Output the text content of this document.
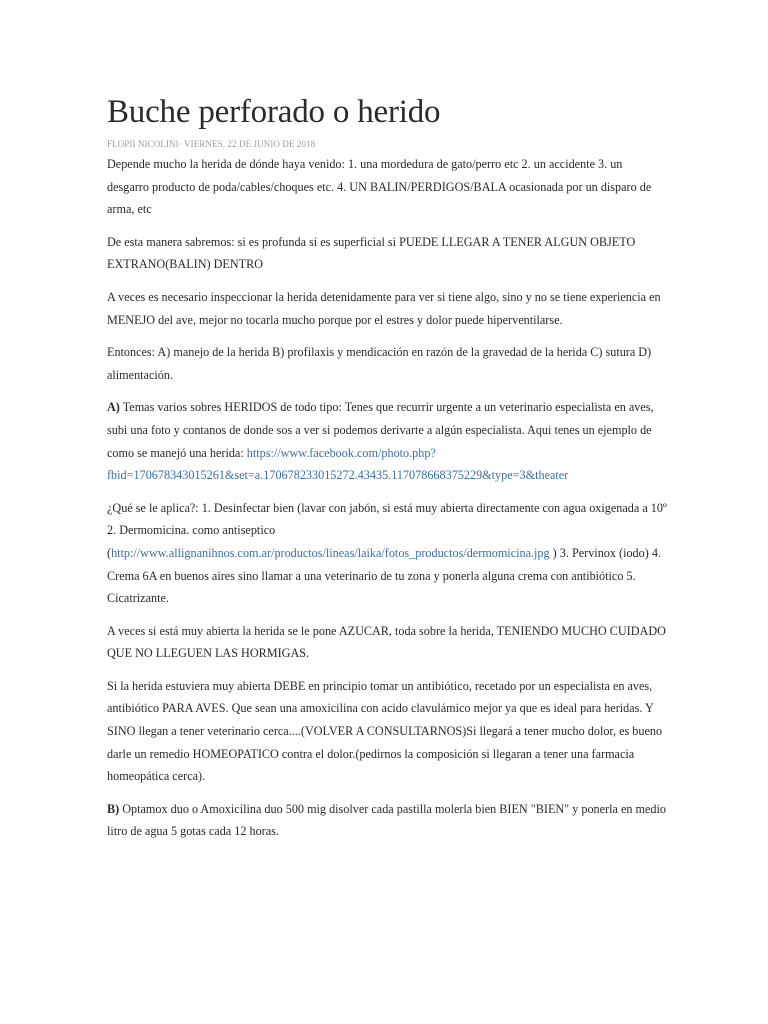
Buche perforado o herido
FLOPII NICOLINI· VIERNES, 22 DE JUNIO DE 2018

Depende mucho la herida de dónde haya venido: 1. una mordedura de gato/perro etc 2. un accidente 3. un desgarro producto de poda/cables/choques etc. 4. UN BALIN/PERDIGOS/BALA ocasionada por un disparo de arma, etc

De esta manera sabremos: si es profunda si es superficial si PUEDE LLEGAR A TENER ALGUN OBJETO EXTRANO(BALIN) DENTRO

A veces es necesario inspeccionar la herida detenidamente para ver si tiene algo, sino y no se tiene experiencia en MENEJO del ave, mejor no tocarla mucho porque por el estres y dolor puede hiperventilarse.

Entonces: A) manejo de la herida B) profilaxis y mendicación en razón de la gravedad de la herida C) sutura D) alimentación.

A) Temas varios sobres HERIDOS de todo tipo: Tenes que recurrir urgente a un veterinario especialista en aves, subi una foto y contanos de donde sos a ver si podemos derivarte a algún especialista. Aqui tenes un ejemplo de como se manejó una herida: https://www.facebook.com/photo.php?fbid=170678343015261&set=a.170678233015272.43435.117078668375229&type=3&theater

¿Qué se le aplica?: 1. Desinfectar bien (lavar con jabón, si está muy abierta directamente con agua oxigenada a 10º 2. Dermomicina. como antiseptico (http://www.allignanihnos.com.ar/productos/lineas/laika/fotos_productos/dermomicina.jpg ) 3. Pervinox (iodo) 4. Crema 6A en buenos aires sino llamar a una veterinario de tu zona y ponerla alguna crema con antibiótico 5. Cicatrizante.

A veces si está muy abierta la herida se le pone AZUCAR, toda sobre la herida, TENIENDO MUCHO CUIDADO QUE NO LLEGUEN LAS HORMIGAS.

Si la herida estuviera muy abierta DEBE en principio tomar un antibiótico, recetado por un especialista en aves, antibiótico PARA AVES. Que sean una amoxicilina con acido clavulámico mejor ya que es ideal para heridas. Y SINO llegan a tener veterinario cerca....(VOLVER A CONSULTARNOS)Si llegará a tener mucho dolor, es bueno darle un remedio HOMEOPATICO contra el dolor.(pedirnos la composición si llegaran a tener una farmacia homeopática cerca).

B) Optamox duo o Amoxicilina duo 500 mig disolver cada pastilla molerla bien BIEN "BIEN" y ponerla en medio litro de agua 5 gotas cada 12 horas.
